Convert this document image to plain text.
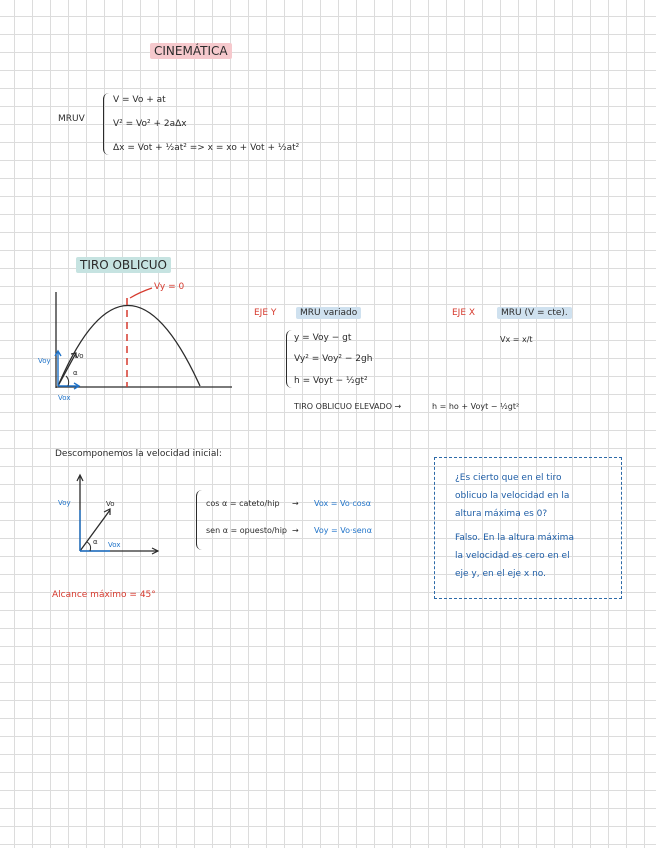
CINEMÁTICA
MRUV
V = Vo + at
V² = Vo² + 2aΔx
Δx = Vot + ½at² => x = xo + Vot + ½at²
TIRO OBLICUO
Vy = 0
Vo
α
Voy
Vox
EJE Y	MRU variado	EJE X	MRU (V = cte).
Vx = x/t
y = Voy − gt
Vy² = Voy² − 2gh
h = Voyt − ½gt²
TIRO OBLICUO ELEVADO →	h = ho + Voyt − ½gt²
Descomponemos la velocidad inicial:
Voy	Vo
α Vox
cos α = cateto/hip → Vox = Vo·cosα
sen α = opuesto/hip → Voy = Vo·senα
Alcance máximo = 45°
¿Es cierto que en el tiro
oblicuo la velocidad en la
altura máxima es 0?
Falso. En la altura máxima
la velocidad es cero en el
eje y, en el eje x no.
